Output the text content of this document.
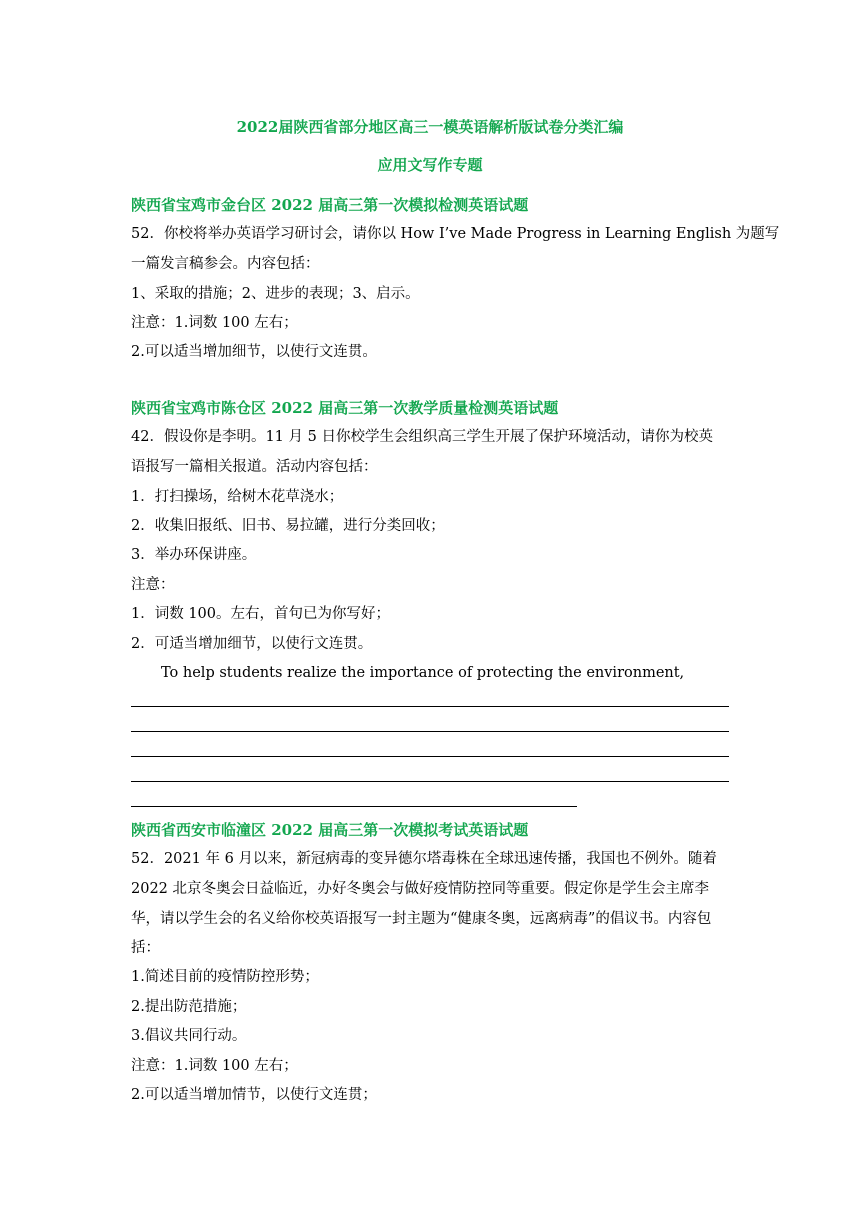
2022届陕西省部分地区高三一模英语解析版试卷分类汇编
应用文写作专题
陕西省宝鸡市金台区 2022 届高三第一次模拟检测英语试题
52．你校将举办英语学习研讨会，请你以 How I’ve Made Progress in Learning English 为题写
一篇发言稿参会。内容包括：
1、采取的措施；2、进步的表现；3、启示。
注意：1.词数 100 左右；
2.可以适当增加细节，以使行文连贯。
陕西省宝鸡市陈仓区 2022 届高三第一次教学质量检测英语试题
42．假设你是李明。11 月 5 日你校学生会组织高三学生开展了保护环境活动，请你为校英
语报写一篇相关报道。活动内容包括：
1．打扫操场，给树木花草浇水；
2．收集旧报纸、旧书、易拉罐，进行分类回收；
3．举办环保讲座。
注意：
1．词数 100。左右，首句已为你写好；
2．可适当增加细节，以使行文连贯。
To help students realize the importance of protecting the environment,
陕西省西安市临潼区 2022 届高三第一次模拟考试英语试题
52．2021 年 6 月以来，新冠病毒的变异德尔塔毒株在全球迅速传播，我国也不例外。随着
2022 北京冬奥会日益临近，办好冬奥会与做好疫情防控同等重要。假定你是学生会主席李
华，请以学生会的名义给你校英语报写一封主题为“健康冬奥，远离病毒”的倡议书。内容包
括：
1.简述目前的疫情防控形势；
2.提出防范措施；
3.倡议共同行动。
注意：1.词数 100 左右；
2.可以适当增加情节，以使行文连贯；
